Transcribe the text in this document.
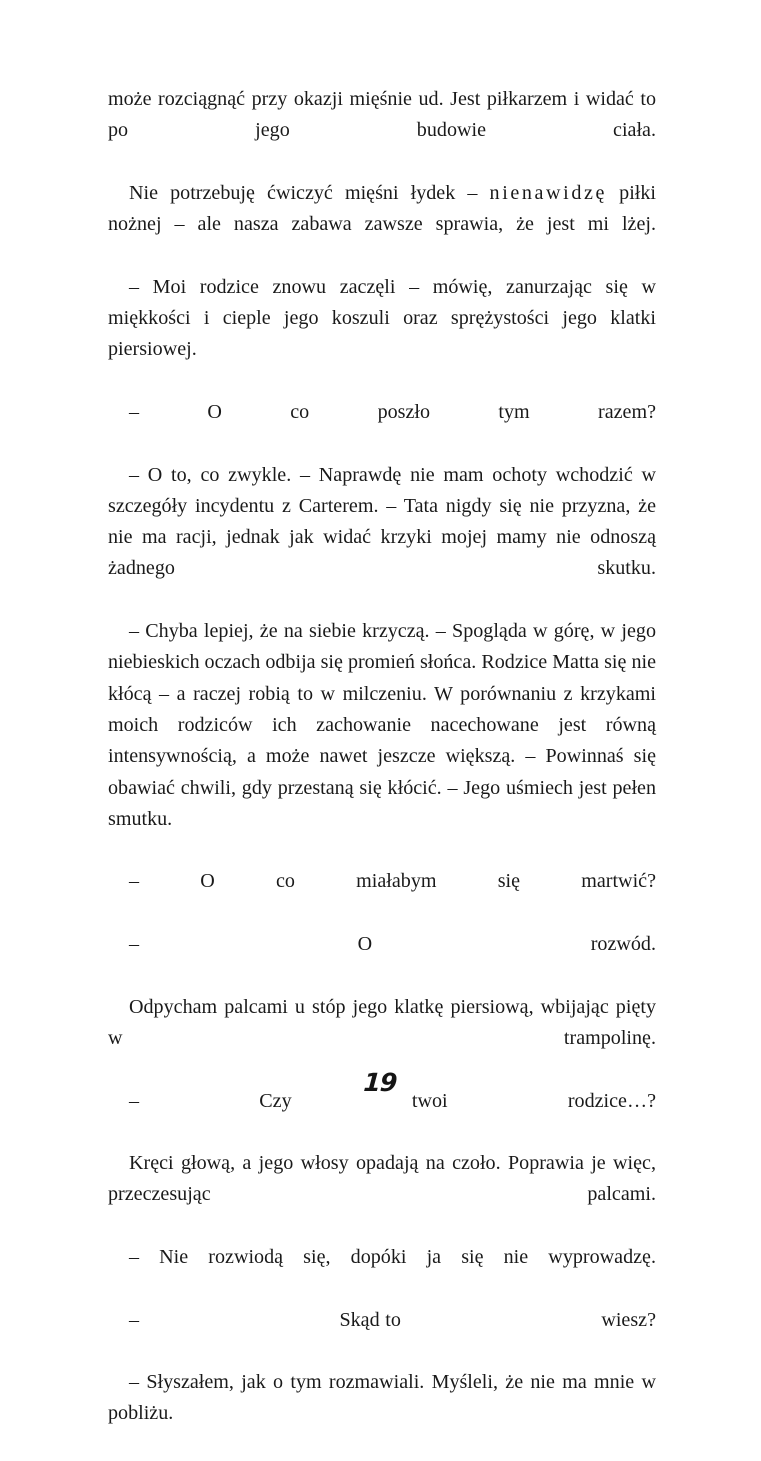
może rozciągnąć przy okazji mięśnie ud. Jest piłkarzem i widać to po jego budowie ciała.

Nie potrzebuję ćwiczyć mięśni łydek – nienawidzę piłki nożnej – ale nasza zabawa zawsze sprawia, że jest mi lżej.

– Moi rodzice znowu zaczęli – mówię, zanurzając się w miękkości i cieple jego koszuli oraz sprężystości jego klatki piersiowej.

– O co poszło tym razem?

– O to, co zwykle. – Naprawdę nie mam ochoty wchodzić w szczegóły incydentu z Carterem. – Tata nigdy się nie przyzna, że nie ma racji, jednak jak widać krzyki mojej mamy nie odnoszą żadnego skutku.

– Chyba lepiej, że na siebie krzyczą. – Spogląda w górę, w jego niebieskich oczach odbija się promień słońca. Rodzice Matta się nie kłócą – a raczej robią to w milczeniu. W porównaniu z krzykami moich rodziców ich zachowanie nacechowane jest równą intensywnością, a może nawet jeszcze większą. – Powinnaś się obawiać chwili, gdy przestaną się kłócić. – Jego uśmiech jest pełen smutku.

– O co miałabym się martwić?

– O rozwód.

Odpycham palcami u stóp jego klatkę piersiową, wbijając pięty w trampolinę.

– Czy twoi rodzice…?

Kręci głową, a jego włosy opadają na czoło. Poprawia je więc, przeczesując palcami.

– Nie rozwiodą się, dopóki ja się nie wyprowadzę.

– Skąd to wiesz?

– Słyszałem, jak o tym rozmawiali. Myśleli, że nie ma mnie w pobliżu.

19
